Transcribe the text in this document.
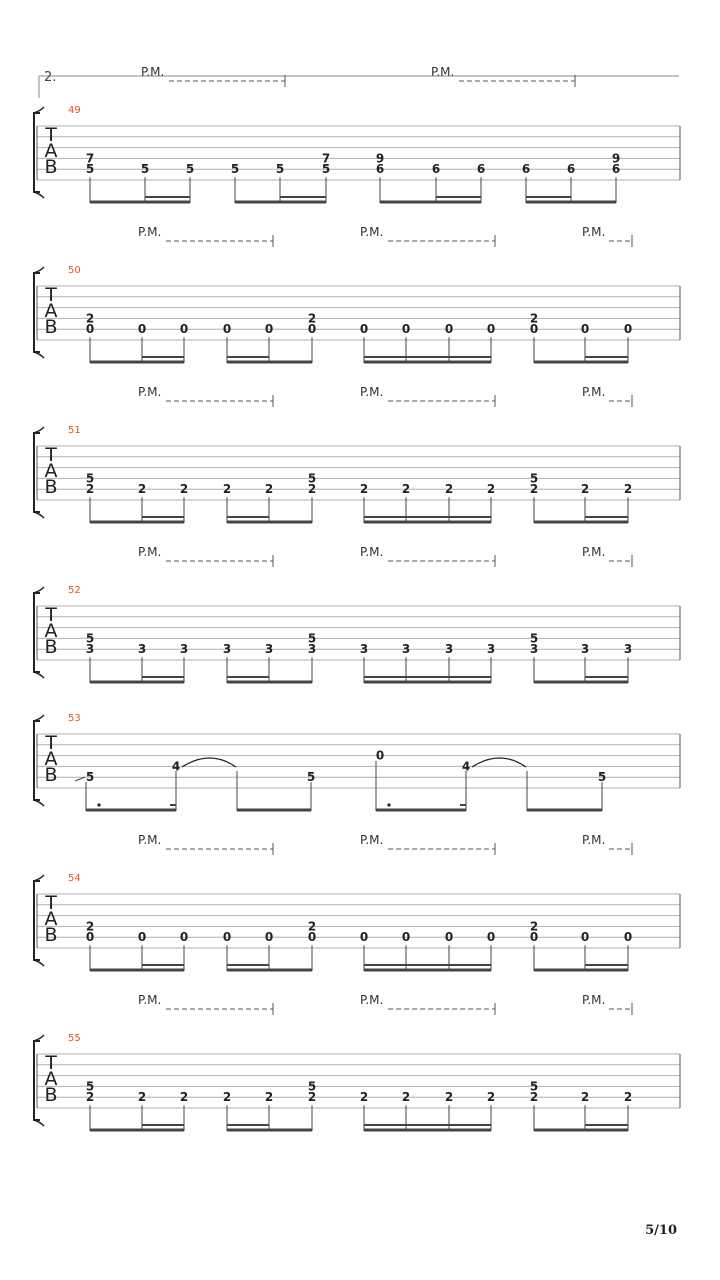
2.
T
A
B
49
P.M.	P.M.
7
5	5	5	5	5
7
5
9
6	6	6	6	6
9
6
T
A
B
50
P.M.	P.M.	P.M.
2
0	0	0	0	0
2
0	0	0	0	0
2
0	0	0
T
A
B
51
P.M.	P.M.	P.M.
5
2	2	2	2	2
5
2	2	2	2	2
5
2	2	2
T
A
B
52
P.M.	P.M.	P.M.
5
3	3	3	3	3
5
3	3	3	3	3
5
3	3	3
T
A
B
53
5
4
5
0
4
5
T
A
B
54
P.M.	P.M.	P.M.
2
0	0	0	0	0
2
0	0	0	0	0
2
0	0	0
T
A
B
55
P.M.	P.M.	P.M.
5
2	2	2	2	2
5
2	2	2	2	2
5
2	2	2
5/10
